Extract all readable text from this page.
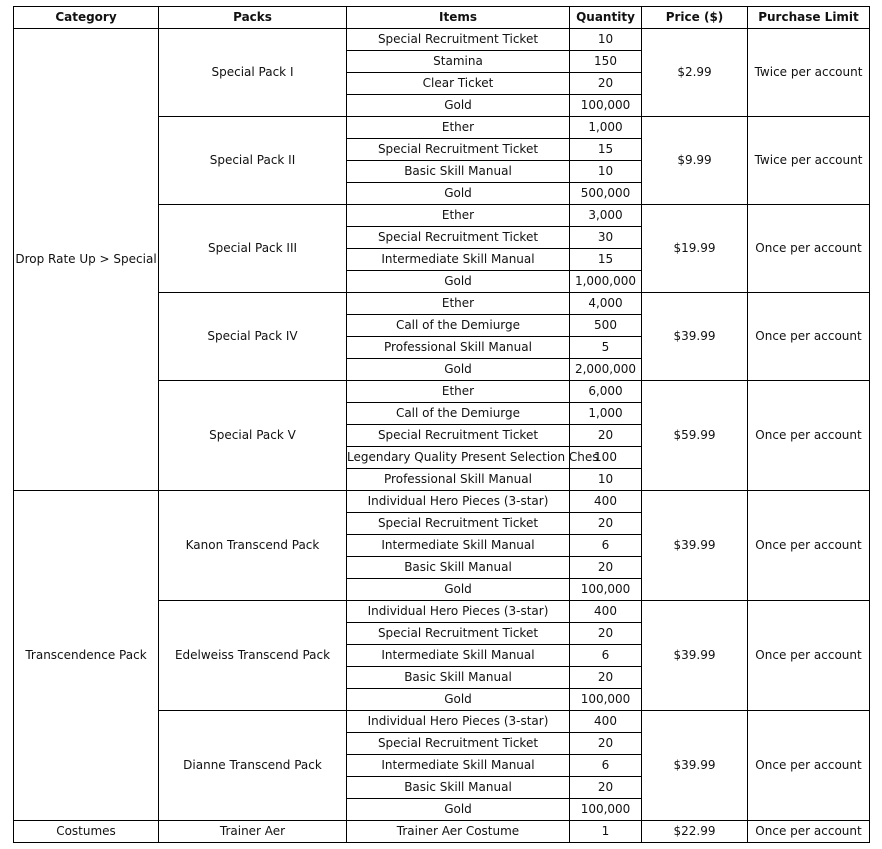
Category	Packs	Items	Quantity	Price ($)	Purchase Limit
Drop Rate Up > Special	Special Pack I	Special Recruitment Ticket	10	$2.99	Twice per account
		Stamina	150		
		Clear Ticket	20		
		Gold	100,000		
	Special Pack II	Ether	1,000	$9.99	Twice per account
		Special Recruitment Ticket	15		
		Basic Skill Manual	10		
		Gold	500,000		
	Special Pack III	Ether	3,000	$19.99	Once per account
		Special Recruitment Ticket	30		
		Intermediate Skill Manual	15		
		Gold	1,000,000		
	Special Pack IV	Ether	4,000	$39.99	Once per account
		Call of the Demiurge	500		
		Professional Skill Manual	5		
		Gold	2,000,000		
	Special Pack V	Ether	6,000	$59.99	Once per account
		Call of the Demiurge	1,000		
		Special Recruitment Ticket	20		
		Legendary Quality Present Selection Ches	100		
		Professional Skill Manual	10		
Transcendence Pack	Kanon Transcend Pack	Individual Hero Pieces (3-star)	400	$39.99	Once per account
		Special Recruitment Ticket	20		
		Intermediate Skill Manual	6		
		Basic Skill Manual	20		
		Gold	100,000		
	Edelweiss Transcend Pack	Individual Hero Pieces (3-star)	400	$39.99	Once per account
		Special Recruitment Ticket	20		
		Intermediate Skill Manual	6		
		Basic Skill Manual	20		
		Gold	100,000		
	Dianne Transcend Pack	Individual Hero Pieces (3-star)	400	$39.99	Once per account
		Special Recruitment Ticket	20		
		Intermediate Skill Manual	6		
		Basic Skill Manual	20		
		Gold	100,000		
Costumes	Trainer Aer	Trainer Aer Costume	1	$22.99	Once per account
